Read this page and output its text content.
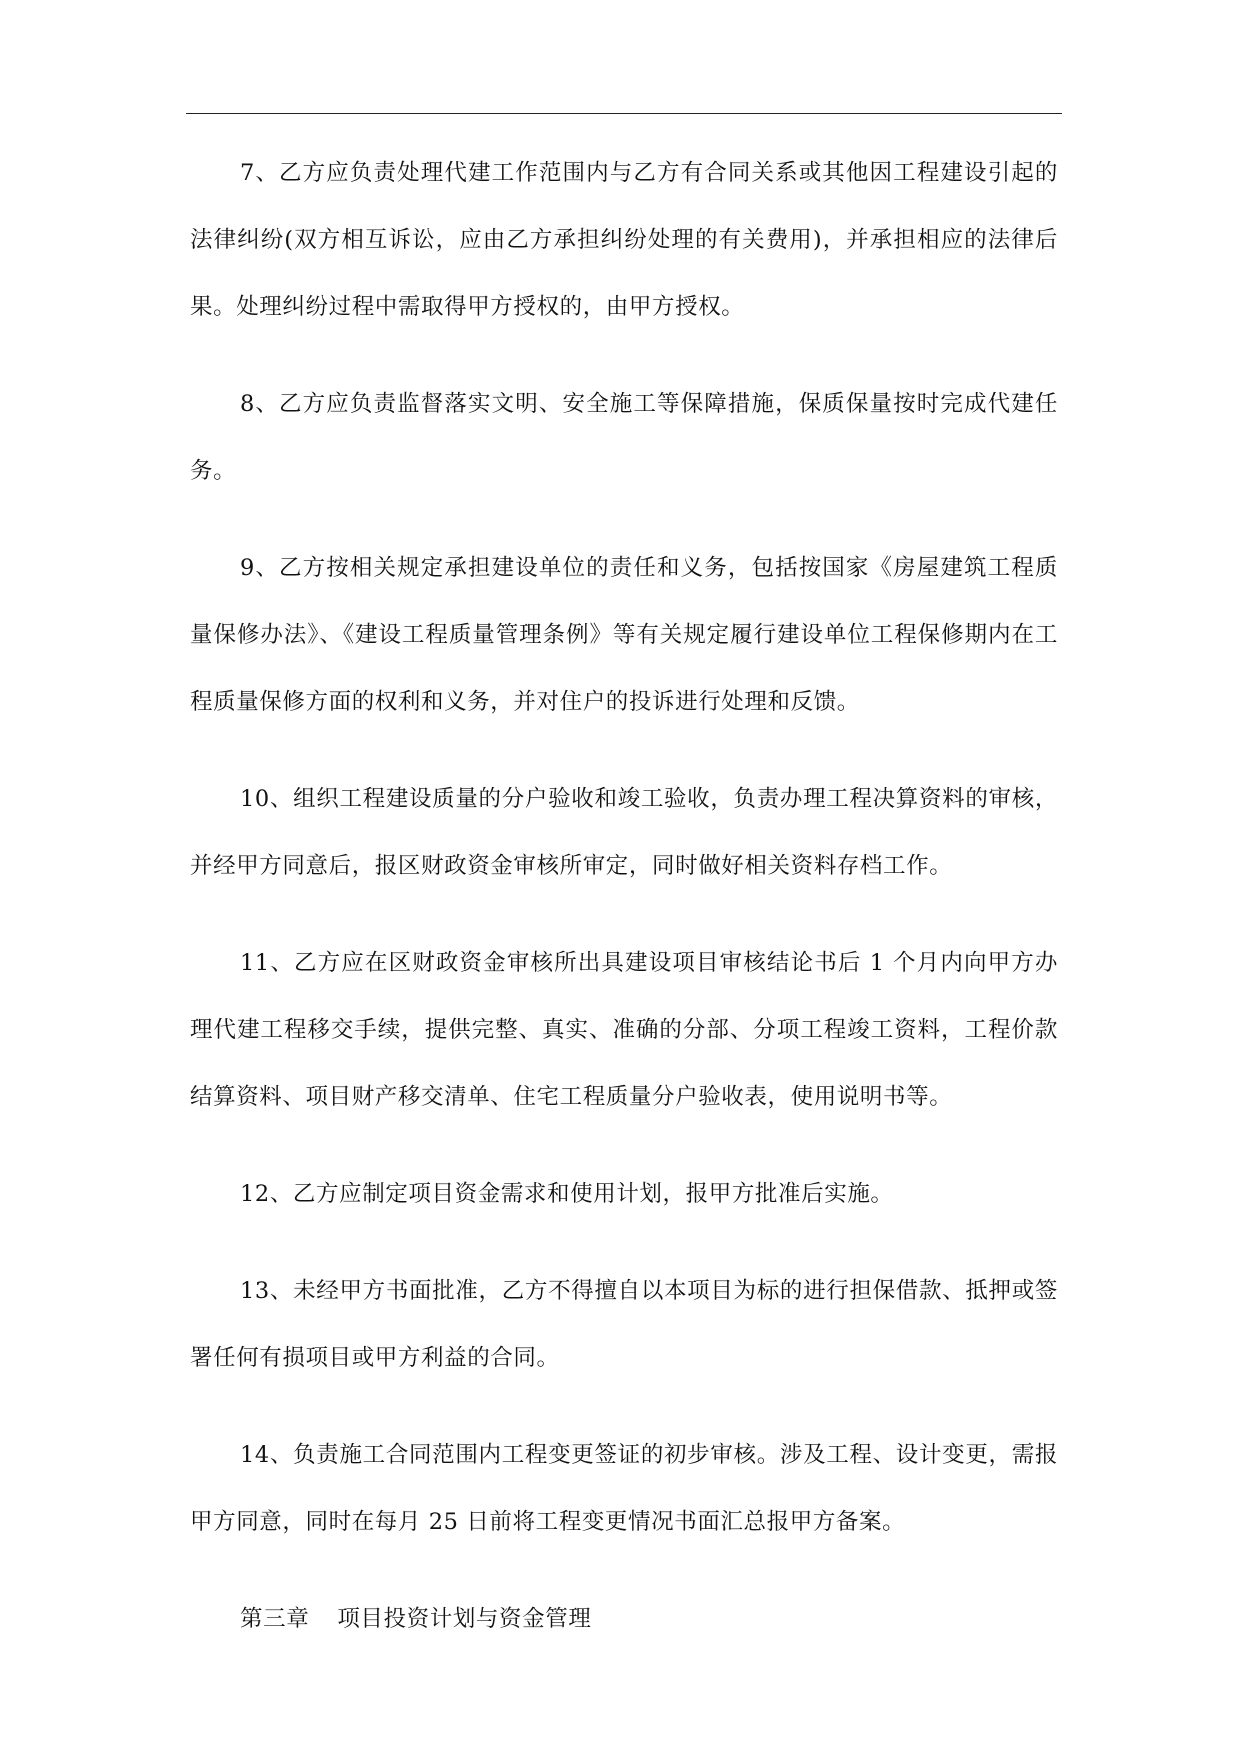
7、乙方应负责处理代建工作范围内与乙方有合同关系或其他因工程建设引起的法律纠纷(双方相互诉讼，应由乙方承担纠纷处理的有关费用)，并承担相应的法律后果。处理纠纷过程中需取得甲方授权的，由甲方授权。

8、乙方应负责监督落实文明、安全施工等保障措施，保质保量按时完成代建任务。

9、乙方按相关规定承担建设单位的责任和义务，包括按国家《房屋建筑工程质量保修办法》、《建设工程质量管理条例》等有关规定履行建设单位工程保修期内在工程质量保修方面的权利和义务，并对住户的投诉进行处理和反馈。

10、组织工程建设质量的分户验收和竣工验收，负责办理工程决算资料的审核，并经甲方同意后，报区财政资金审核所审定，同时做好相关资料存档工作。

11、乙方应在区财政资金审核所出具建设项目审核结论书后 1 个月内向甲方办理代建工程移交手续，提供完整、真实、准确的分部、分项工程竣工资料，工程价款结算资料、项目财产移交清单、住宅工程质量分户验收表，使用说明书等。

12、乙方应制定项目资金需求和使用计划，报甲方批准后实施。

13、未经甲方书面批准，乙方不得擅自以本项目为标的进行担保借款、抵押或签署任何有损项目或甲方利益的合同。

14、负责施工合同范围内工程变更签证的初步审核。涉及工程、设计变更，需报甲方同意，同时在每月 25 日前将工程变更情况书面汇总报甲方备案。

第三章 项目投资计划与资金管理
